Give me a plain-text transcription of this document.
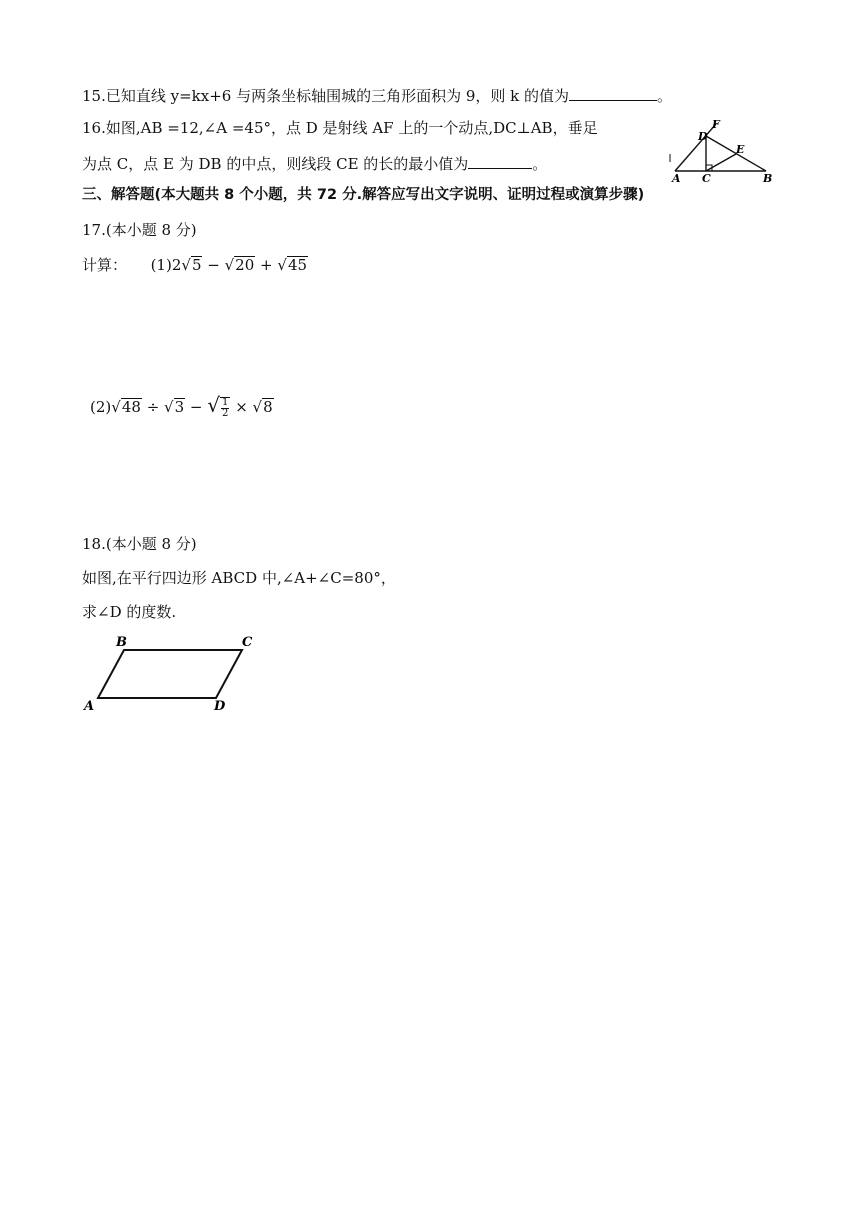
15.已知直线 y=kx+6 与两条坐标轴围城的三角形面积为 9，则 k 的值为	。
16.如图,AB =12,∠A =45°，点 D 是射线 AF 上的一个动点,DC⊥AB，垂足
为点 C，点 E 为 DB 的中点，则线段 CE 的长的最小值为	。
A C	B
D
F
E
三、解答题(本大题共 8 个小题，共 72 分.解答应写出文字说明、证明过程或演算步骤)
17.(本小题 8 分)
计算： (1)2√5 − √20 + √45
(2)√48 ÷ √3 − √ $\frac{1}{2} \times √8$
18.(本小题 8 分)
如图,在平行四边形 ABCD 中,∠A+∠C=80°，
求∠D 的度数.
A
B	C
D
